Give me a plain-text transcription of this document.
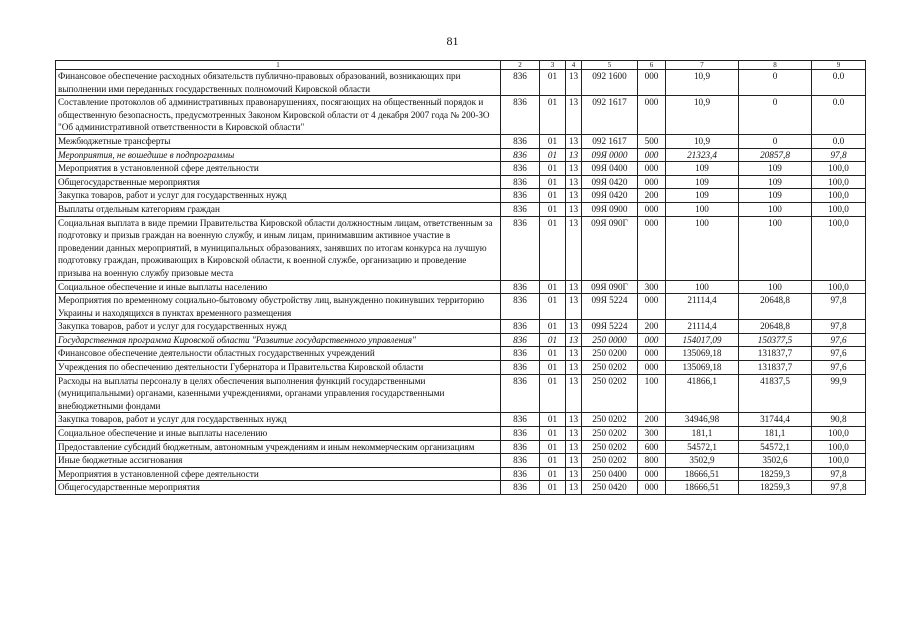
81
1	2	3	4	5	6	7	8	9
Финансовое обеспечение расходных обязательств публично-правовых образований, возникающих при выполнении ими переданных государственных полномочий Кировской области	836	01	13	092 1600	000	10,9	0	0.0
Составление протоколов об административных правонарушениях, посягающих на общественный порядок и общественную безопасность, предусмотренных Законом Кировской области от 4 декабря 2007 года № 200-ЗО "Об административной ответственности в Кировской области"	836	01	13	092 1617	000	10,9	0	0.0
Межбюджетные трансферты	836	01	13	092 1617	500	10,9	0	0.0
Мероприятия, не вошедшие в подпрограммы	836	01	13	09Я 0000	000	21323,4	20857,8	97,8
Мероприятия в установленной сфере деятельности	836	01	13	09Я 0400	000	109	109	100,0
Общегосударственные мероприятия	836	01	13	09Я 0420	000	109	109	100,0
Закупка товаров, работ и услуг для государственных нужд	836	01	13	09Я 0420	200	109	109	100,0
Выплаты отдельным категориям граждан	836	01	13	09Я 0900	000	100	100	100,0
Социальная выплата в виде премии Правительства Кировской области должностным лицам, ответственным за подготовку и призыв граждан на военную службу, и иным лицам, принимавшим активное участие в проведении данных мероприятий, в муниципальных образованиях, занявших по итогам конкурса на лучшую подготовку граждан, проживающих в Кировской области, к военной службе, организацию и проведение призыва на военную службу призовые места	836	01	13	09Я 090Г	000	100	100	100,0
Социальное обеспечение и иные выплаты населению	836	01	13	09Я 090Г	300	100	100	100,0
Мероприятия по временному социально-бытовому обустройству лиц, вынужденно покинувших территорию Украины и находящихся в пунктах временного размещения	836	01	13	09Я 5224	000	21114,4	20648,8	97,8
Закупка товаров, работ и услуг для государственных нужд	836	01	13	09Я 5224	200	21114,4	20648,8	97,8
Государственная программа Кировской области "Развитие государственного управления"	836	01	13	250 0000	000	154017,09	150377,5	97,6
Финансовое обеспечение деятельности областных государственных учреждений	836	01	13	250 0200	000	135069,18	131837,7	97,6
Учреждения по обеспечению деятельности Губернатора и Правительства Кировской области	836	01	13	250 0202	000	135069,18	131837,7	97,6
Расходы на выплаты персоналу в целях обеспечения выполнения функций государственными (муниципальными) органами, казенными учреждениями, органами управления государственными внебюджетными фондами	836	01	13	250 0202	100	41866,1	41837,5	99,9
Закупка товаров, работ и услуг для государственных нужд	836	01	13	250 0202	200	34946,98	31744,4	90,8
Социальное обеспечение и иные выплаты населению	836	01	13	250 0202	300	181,1	181,1	100,0
Предоставление субсидий бюджетным, автономным учреждениям и иным некоммерческим организациям	836	01	13	250 0202	600	54572,1	54572,1	100,0
Иные бюджетные ассигнования	836	01	13	250 0202	800	3502,9	3502,6	100,0
Мероприятия в установленной сфере деятельности	836	01	13	250 0400	000	18666,51	18259,3	97,8
Общегосударственные мероприятия	836	01	13	250 0420	000	18666,51	18259,3	97,8
